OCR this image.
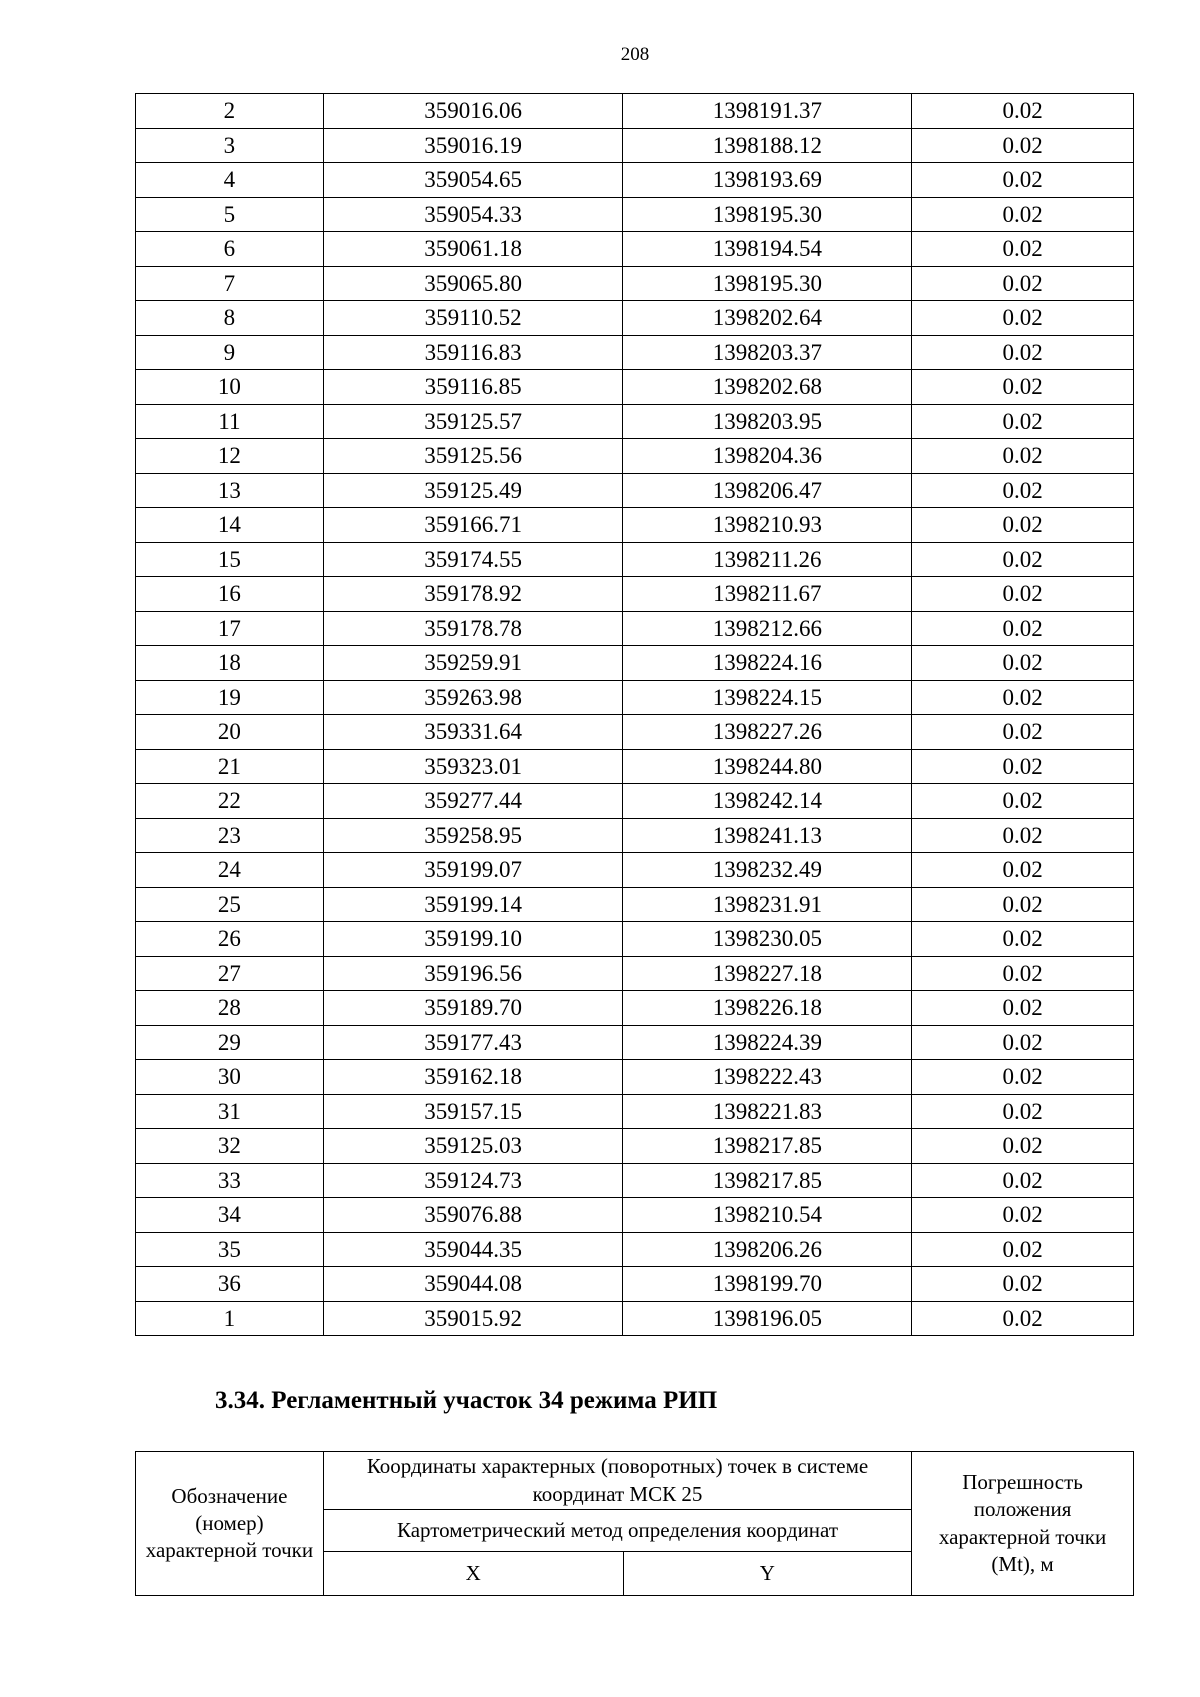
208
2	359016.06	1398191.37	0.02
3	359016.19	1398188.12	0.02
4	359054.65	1398193.69	0.02
5	359054.33	1398195.30	0.02
6	359061.18	1398194.54	0.02
7	359065.80	1398195.30	0.02
8	359110.52	1398202.64	0.02
9	359116.83	1398203.37	0.02
10	359116.85	1398202.68	0.02
11	359125.57	1398203.95	0.02
12	359125.56	1398204.36	0.02
13	359125.49	1398206.47	0.02
14	359166.71	1398210.93	0.02
15	359174.55	1398211.26	0.02
16	359178.92	1398211.67	0.02
17	359178.78	1398212.66	0.02
18	359259.91	1398224.16	0.02
19	359263.98	1398224.15	0.02
20	359331.64	1398227.26	0.02
21	359323.01	1398244.80	0.02
22	359277.44	1398242.14	0.02
23	359258.95	1398241.13	0.02
24	359199.07	1398232.49	0.02
25	359199.14	1398231.91	0.02
26	359199.10	1398230.05	0.02
27	359196.56	1398227.18	0.02
28	359189.70	1398226.18	0.02
29	359177.43	1398224.39	0.02
30	359162.18	1398222.43	0.02
31	359157.15	1398221.83	0.02
32	359125.03	1398217.85	0.02
33	359124.73	1398217.85	0.02
34	359076.88	1398210.54	0.02
35	359044.35	1398206.26	0.02
36	359044.08	1398199.70	0.02
1	359015.92	1398196.05	0.02
3.34. Регламентный участок 34 режима РИП
Обозначение (номер) характерной точки	Координаты характерных (поворотных) точек в системе координат МСК 25		Погрешность положения характерной точки (Mt), м
	Картометрический метод определения координат		
	X	Y	
